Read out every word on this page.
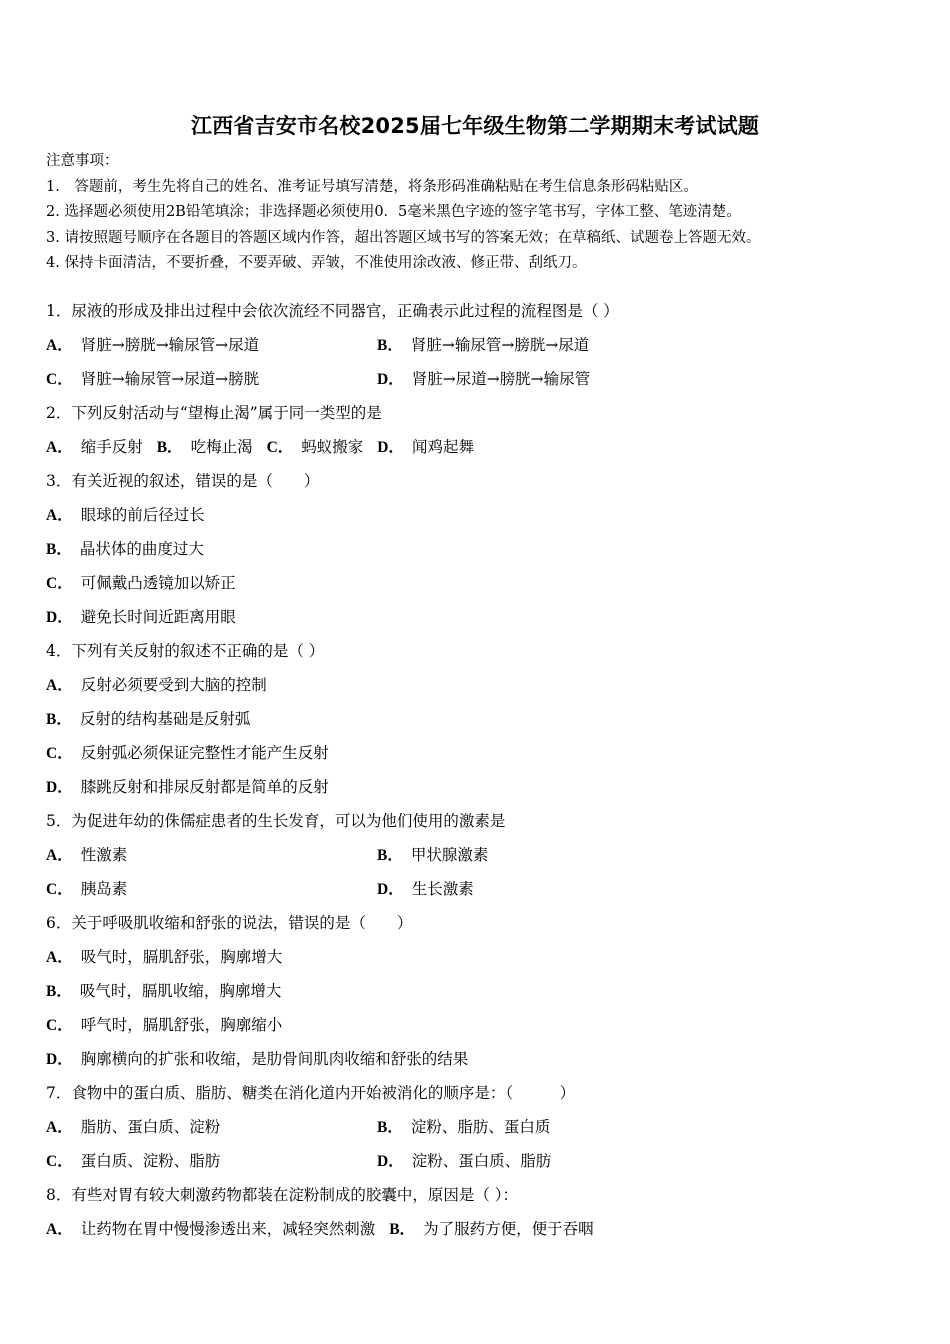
江西省吉安市名校2025届七年级生物第二学期期末考试试题
注意事项：
1.　答题前，考生先将自己的姓名、准考证号填写清楚，将条形码准确粘贴在考生信息条形码粘贴区。
2. 选择题必须使用2B铅笔填涂；非选择题必须使用0．5毫米黑色字迹的签字笔书写，字体工整、笔迹清楚。
3. 请按照题号顺序在各题目的答题区域内作答，超出答题区域书写的答案无效；在草稿纸、试题卷上答题无效。
4. 保持卡面清洁，不要折叠，不要弄破、弄皱，不准使用涂改液、修正带、刮纸刀。
1．尿液的形成及排出过程中会依次流经不同器官，正确表示此过程的流程图是（ ）
A． 肾脏→膀胱→输尿管→尿道	B． 肾脏→输尿管→膀胱→尿道
C． 肾脏→输尿管→尿道→膀胱	D． 肾脏→尿道→膀胱→输尿管
2．下列反射活动与“望梅止渴”属于同一类型的是
A． 缩手反射 B． 吃梅止渴 C． 蚂蚁搬家 D． 闻鸡起舞
3．有关近视的叙述，错误的是（　　）
A． 眼球的前后径过长
B． 晶状体的曲度过大
C． 可佩戴凸透镜加以矫正
D． 避免长时间近距离用眼
4．下列有关反射的叙述不正确的是（ ）
A． 反射必须要受到大脑的控制
B． 反射的结构基础是反射弧
C． 反射弧必须保证完整性才能产生反射
D． 膝跳反射和排尿反射都是简单的反射
5．为促进年幼的侏儒症患者的生长发育，可以为他们使用的激素是
A． 性激素	B． 甲状腺激素
C． 胰岛素	D． 生长激素
6．关于呼吸肌收缩和舒张的说法，错误的是（　　）
A． 吸气时，膈肌舒张，胸廓增大
B． 吸气时，膈肌收缩，胸廓增大
C． 呼气时，膈肌舒张，胸廓缩小
D． 胸廓横向的扩张和收缩，是肋骨间肌肉收缩和舒张的结果
7．食物中的蛋白质、脂肪、糖类在消化道内开始被消化的顺序是：（　　　）
A． 脂肪、蛋白质、淀粉	B． 淀粉、脂肪、蛋白质
C． 蛋白质、淀粉、脂肪	D． 淀粉、蛋白质、脂肪
8．有些对胃有较大刺激药物都装在淀粉制成的胶囊中，原因是（ ）：
A． 让药物在胃中慢慢渗透出来，减轻突然刺激 B． 为了服药方便，便于吞咽
